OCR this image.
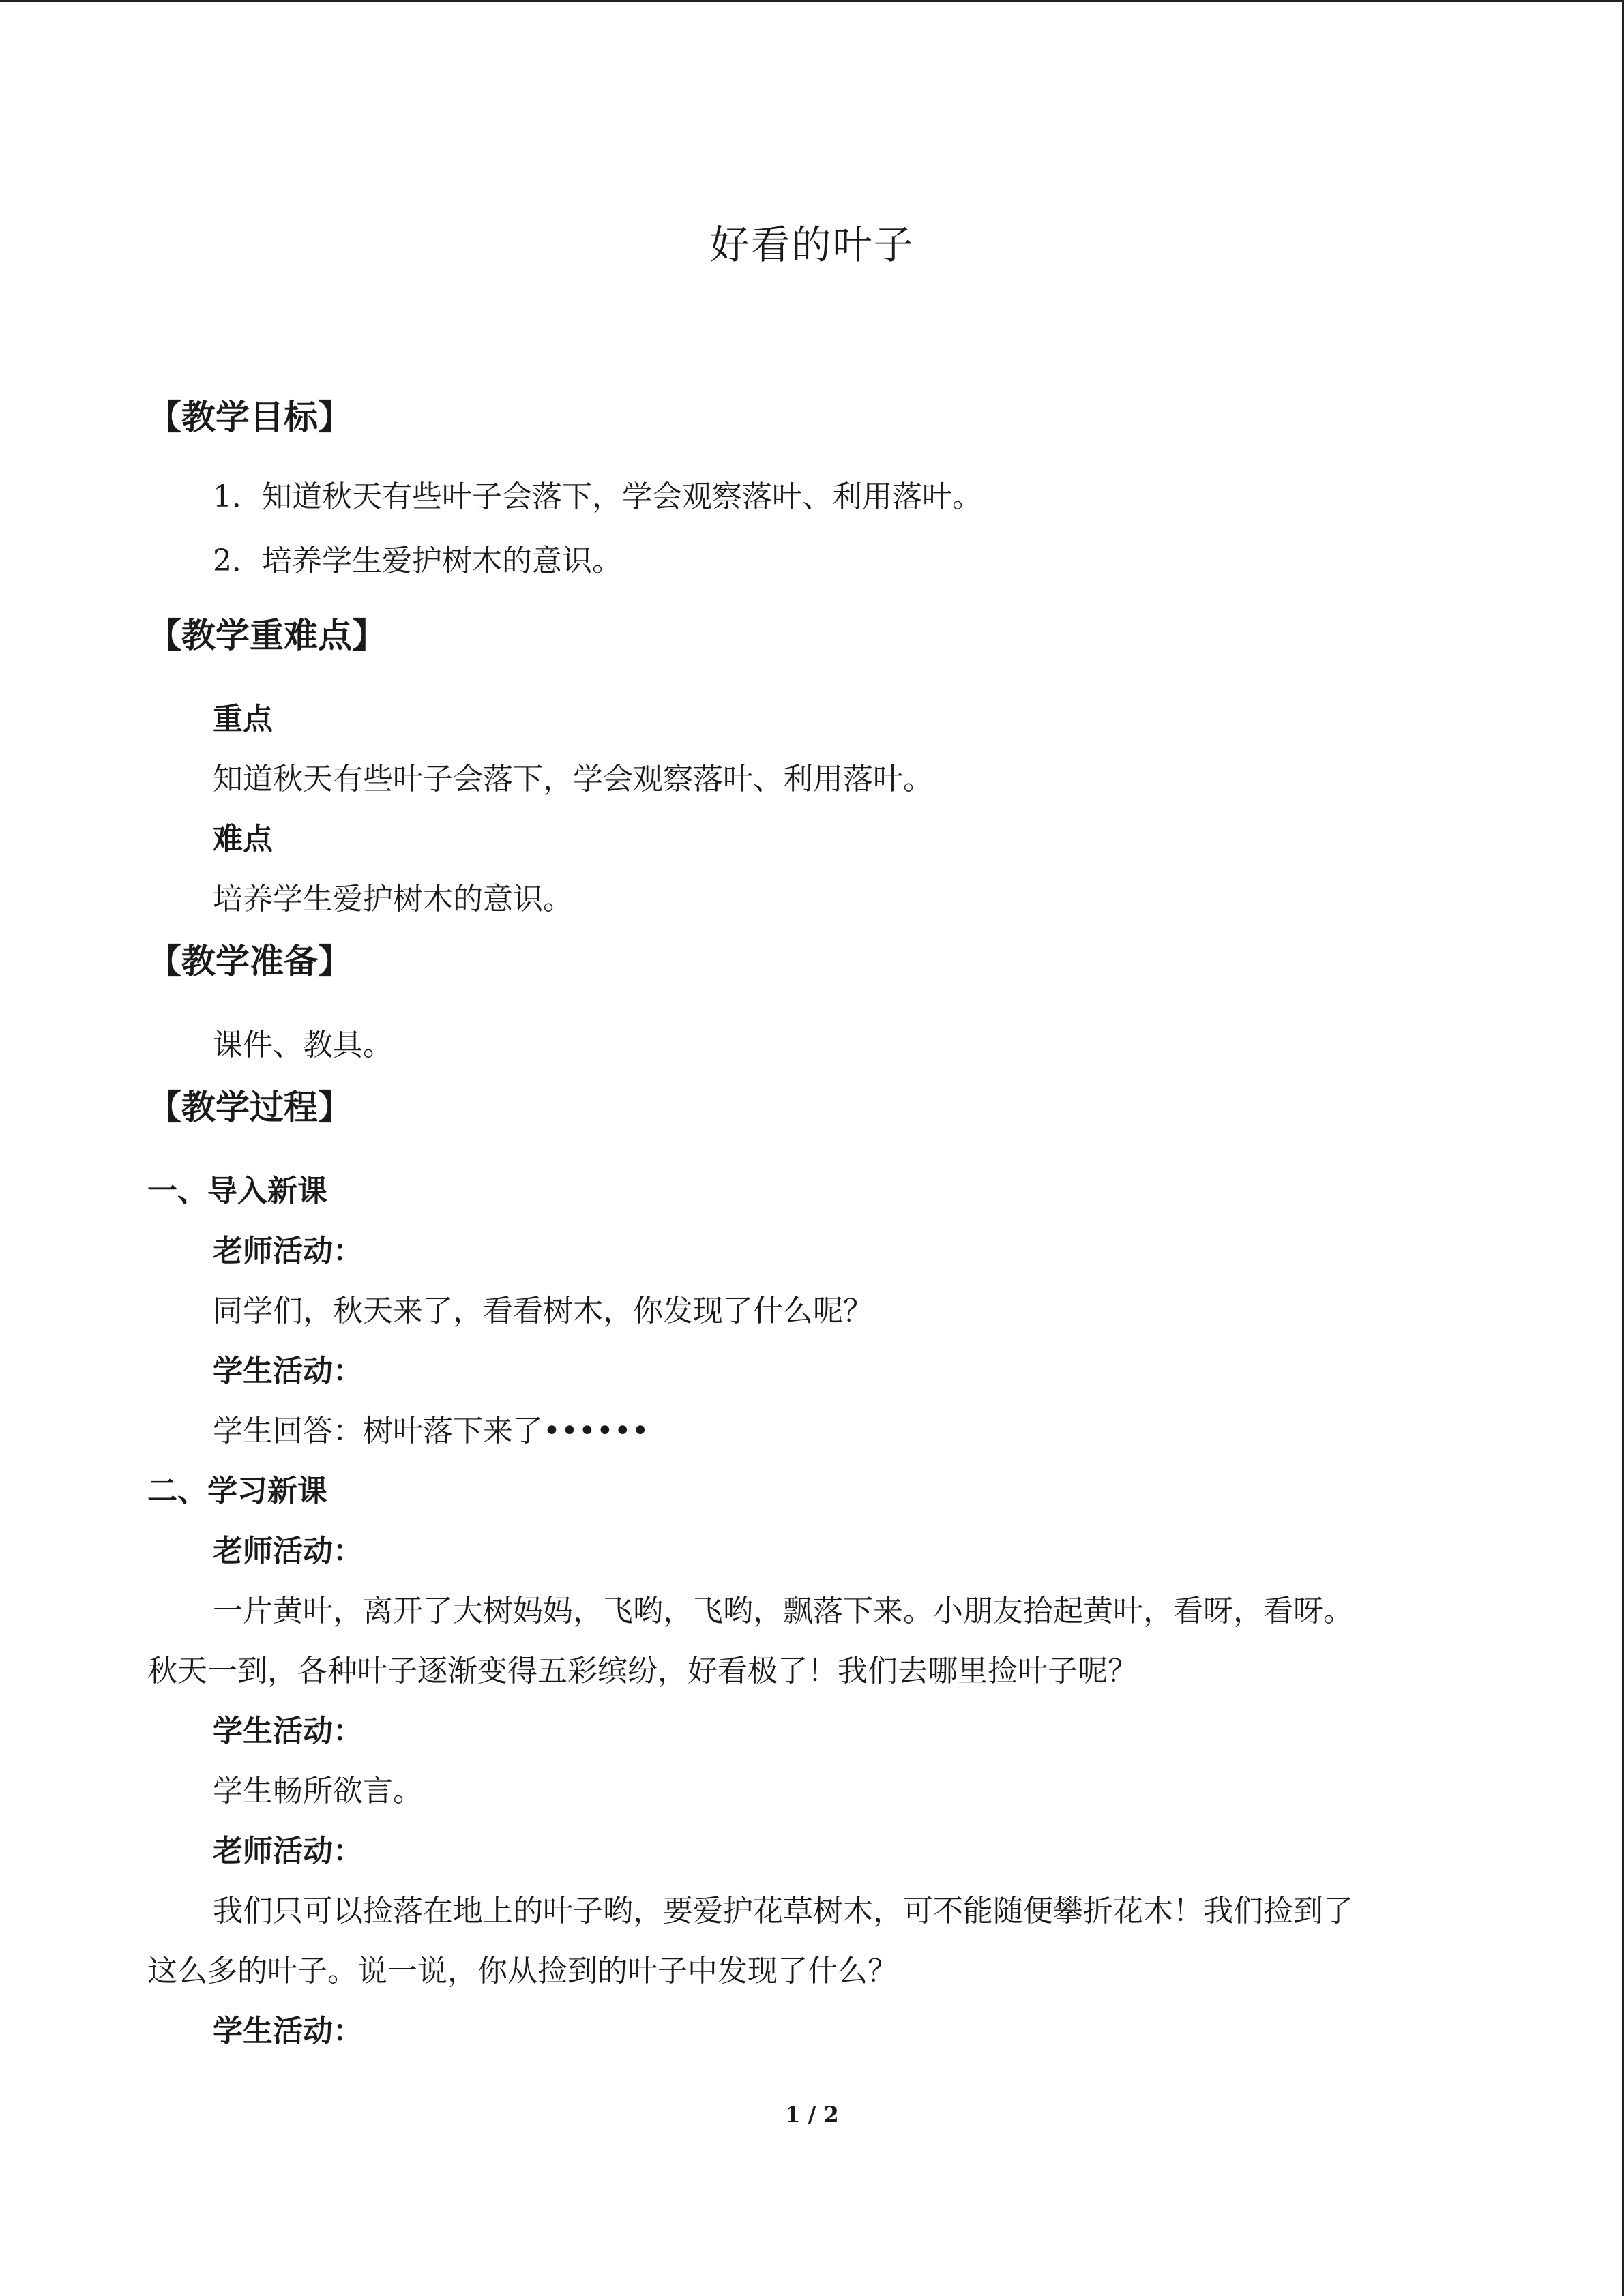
好看的叶子
【教学目标】
1．知道秋天有些叶子会落下，学会观察落叶、利用落叶。
2．培养学生爱护树木的意识。
【教学重难点】
重点
知道秋天有些叶子会落下，学会观察落叶、利用落叶。
难点
培养学生爱护树木的意识。
【教学准备】
课件、教具。
【教学过程】
一、导入新课
老师活动：
同学们，秋天来了，看看树木，你发现了什么呢？
学生活动：
学生回答：树叶落下来了••••••
二、学习新课
老师活动：
一片黄叶，离开了大树妈妈，飞哟，飞哟，飘落下来。小朋友拾起黄叶，看呀，看呀。
秋天一到，各种叶子逐渐变得五彩缤纷，好看极了！我们去哪里捡叶子呢？
学生活动：
学生畅所欲言。
老师活动：
我们只可以捡落在地上的叶子哟，要爱护花草树木，可不能随便攀折花木！我们捡到了
这么多的叶子。说一说，你从捡到的叶子中发现了什么？
学生活动：
1 / 2
